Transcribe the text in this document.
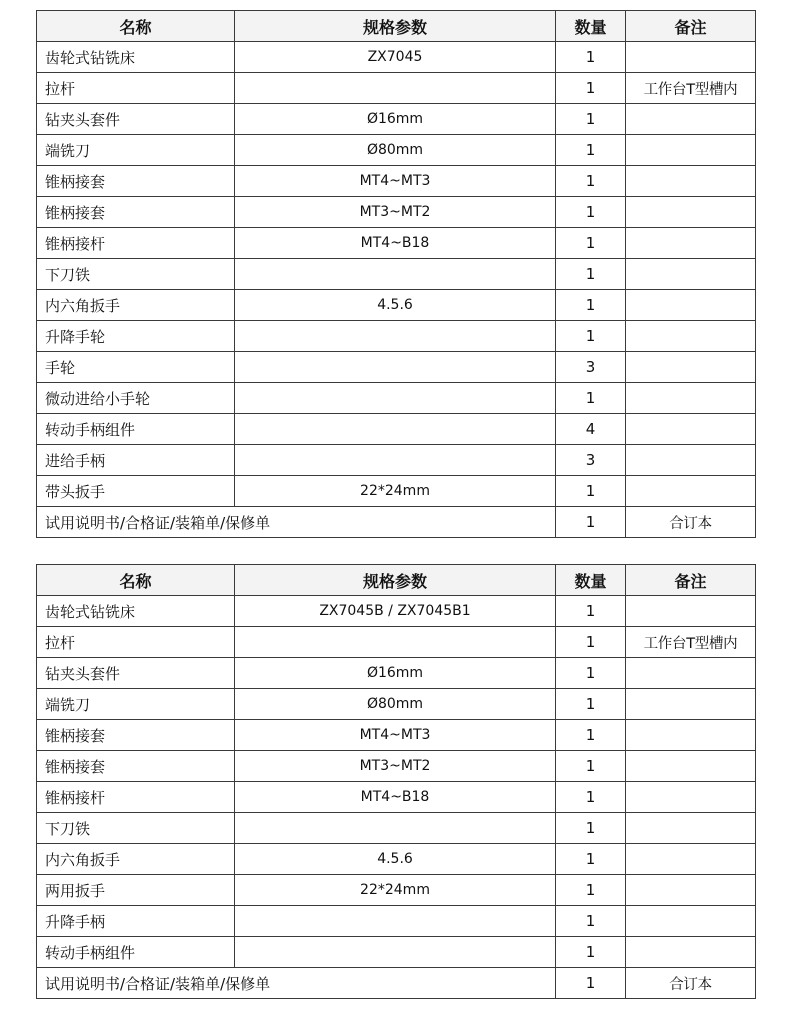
名称	规格参数	数量	备注
齿轮式钻铣床	ZX7045	1	
拉杆		1	工作台T型槽内
钻夹头套件	Ø16mm	1	
端铣刀	Ø80mm	1	
锥柄接套	MT4~MT3	1	
锥柄接套	MT3~MT2	1	
锥柄接杆	MT4~B18	1	
下刀铁		1	
内六角扳手	4.5.6	1	
升降手轮		1	
手轮		3	
微动进给小手轮		1	
转动手柄组件		4	
进给手柄		3	
带头扳手	22*24mm	1	
试用说明书/合格证/装箱单/保修单		1	合订本
名称	规格参数	数量	备注
齿轮式钻铣床	ZX7045B / ZX7045B1	1	
拉杆		1	工作台T型槽内
钻夹头套件	Ø16mm	1	
端铣刀	Ø80mm	1	
锥柄接套	MT4~MT3	1	
锥柄接套	MT3~MT2	1	
锥柄接杆	MT4~B18	1	
下刀铁		1	
内六角扳手	4.5.6	1	
两用扳手	22*24mm	1	
升降手柄		1	
转动手柄组件		1	
试用说明书/合格证/装箱单/保修单		1	合订本
